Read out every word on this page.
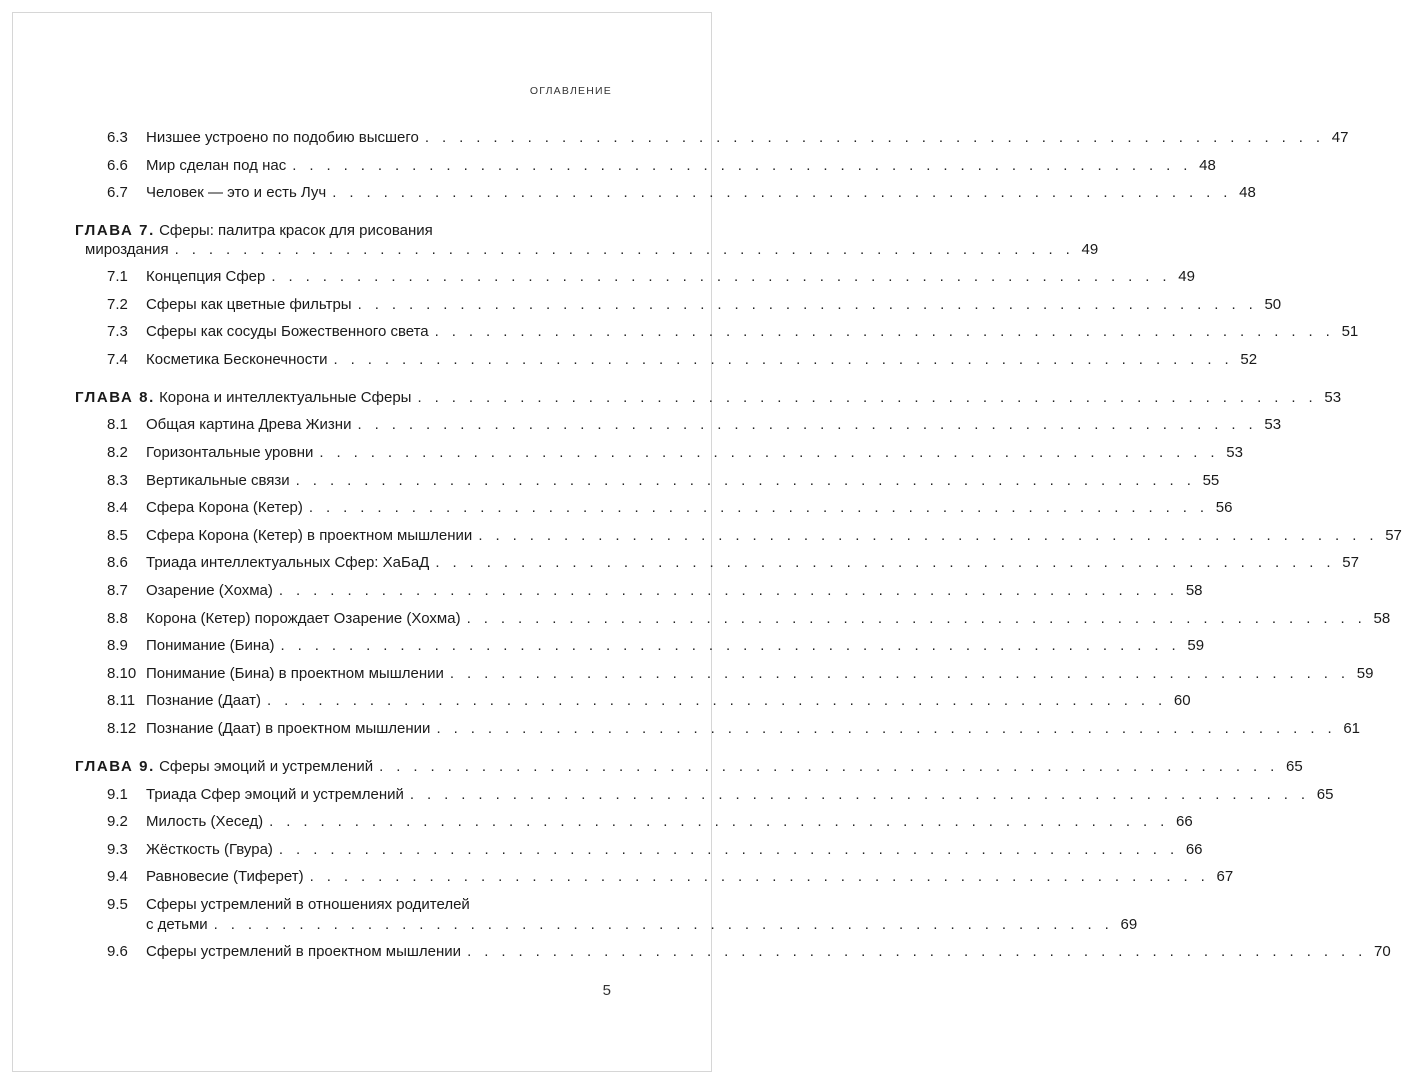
ОГЛАВЛЕНИЕ
6.3	Низшее устроено по подобию высшего . . . . . . . . . . . . . . . . . . . . . . . . . . . . . . . . . . . . . . . . . . . . . . . . . . . . . 47
6.6	Мир сделан под нас . . . . . . . . . . . . . . . . . . . . . . . . . . . . . . . . . . . . . . . . . . . . . . . . . . . . . 48
6.7	Человек — это и есть Луч . . . . . . . . . . . . . . . . . . . . . . . . . . . . . . . . . . . . . . . . . . . . . . . . . . . . . 48
ГЛАВА 7. Сферы: палитра красок для рисования
мироздания . . . . . . . . . . . . . . . . . . . . . . . . . . . . . . . . . . . . . . . . . . . . . . . . . . . . . 49
7.1	Концепция Сфер . . . . . . . . . . . . . . . . . . . . . . . . . . . . . . . . . . . . . . . . . . . . . . . . . . . . . 49
7.2	Сферы как цветные фильтры . . . . . . . . . . . . . . . . . . . . . . . . . . . . . . . . . . . . . . . . . . . . . . . . . . . . . 50
7.3	Сферы как сосуды Божественного света . . . . . . . . . . . . . . . . . . . . . . . . . . . . . . . . . . . . . . . . . . . . . . . . . . . . . 51
7.4	Косметика Бесконечности . . . . . . . . . . . . . . . . . . . . . . . . . . . . . . . . . . . . . . . . . . . . . . . . . . . . . 52
ГЛАВА 8. Корона и интеллектуальные Сферы . . . . . . . . . . . . . . . . . . . . . . . . . . . . . . . . . . . . . . . . . . . . . . . . . . . . . 53
8.1	Общая картина Древа Жизни . . . . . . . . . . . . . . . . . . . . . . . . . . . . . . . . . . . . . . . . . . . . . . . . . . . . . 53
8.2	Горизонтальные уровни . . . . . . . . . . . . . . . . . . . . . . . . . . . . . . . . . . . . . . . . . . . . . . . . . . . . . 53
8.3	Вертикальные связи . . . . . . . . . . . . . . . . . . . . . . . . . . . . . . . . . . . . . . . . . . . . . . . . . . . . . 55
8.4	Сфера Корона (Кетер) . . . . . . . . . . . . . . . . . . . . . . . . . . . . . . . . . . . . . . . . . . . . . . . . . . . . . 56
8.5	Сфера Корона (Кетер) в проектном мышлении . . . . . . . . . . . . . . . . . . . . . . . . . . . . . . . . . . . . . . . . . . . . . . . . . . . . . 57
8.6	Триада интеллектуальных Сфер: ХаБаД . . . . . . . . . . . . . . . . . . . . . . . . . . . . . . . . . . . . . . . . . . . . . . . . . . . . . 57
8.7	Озарение (Хохма) . . . . . . . . . . . . . . . . . . . . . . . . . . . . . . . . . . . . . . . . . . . . . . . . . . . . . 58
8.8	Корона (Кетер) порождает Озарение (Хохма) . . . . . . . . . . . . . . . . . . . . . . . . . . . . . . . . . . . . . . . . . . . . . . . . . . . . . 58
8.9	Понимание (Бина) . . . . . . . . . . . . . . . . . . . . . . . . . . . . . . . . . . . . . . . . . . . . . . . . . . . . . 59
8.10 Понимание (Бина) в проектном мышлении . . . . . . . . . . . . . . . . . . . . . . . . . . . . . . . . . . . . . . . . . . . . . . . . . . . . . 59
8.11 Познание (Даат) . . . . . . . . . . . . . . . . . . . . . . . . . . . . . . . . . . . . . . . . . . . . . . . . . . . . . 60
8.12 Познание (Даат) в проектном мышлении . . . . . . . . . . . . . . . . . . . . . . . . . . . . . . . . . . . . . . . . . . . . . . . . . . . . . 61
ГЛАВА 9. Сферы эмоций и устремлений . . . . . . . . . . . . . . . . . . . . . . . . . . . . . . . . . . . . . . . . . . . . . . . . . . . . . 65
9.1	Триада Сфер эмоций и устремлений . . . . . . . . . . . . . . . . . . . . . . . . . . . . . . . . . . . . . . . . . . . . . . . . . . . . . 65
9.2	Милость (Хесед) . . . . . . . . . . . . . . . . . . . . . . . . . . . . . . . . . . . . . . . . . . . . . . . . . . . . . 66
9.3	Жёсткость (Гвура) . . . . . . . . . . . . . . . . . . . . . . . . . . . . . . . . . . . . . . . . . . . . . . . . . . . . . 66
9.4	Равновесие (Тиферет) . . . . . . . . . . . . . . . . . . . . . . . . . . . . . . . . . . . . . . . . . . . . . . . . . . . . . 67
9.5	Сферы устремлений в отношениях родителей
с детьми . . . . . . . . . . . . . . . . . . . . . . . . . . . . . . . . . . . . . . . . . . . . . . . . . . . . . 69
9.6	Сферы устремлений в проектном мышлении . . . . . . . . . . . . . . . . . . . . . . . . . . . . . . . . . . . . . . . . . . . . . . . . . . . . . 70
5
